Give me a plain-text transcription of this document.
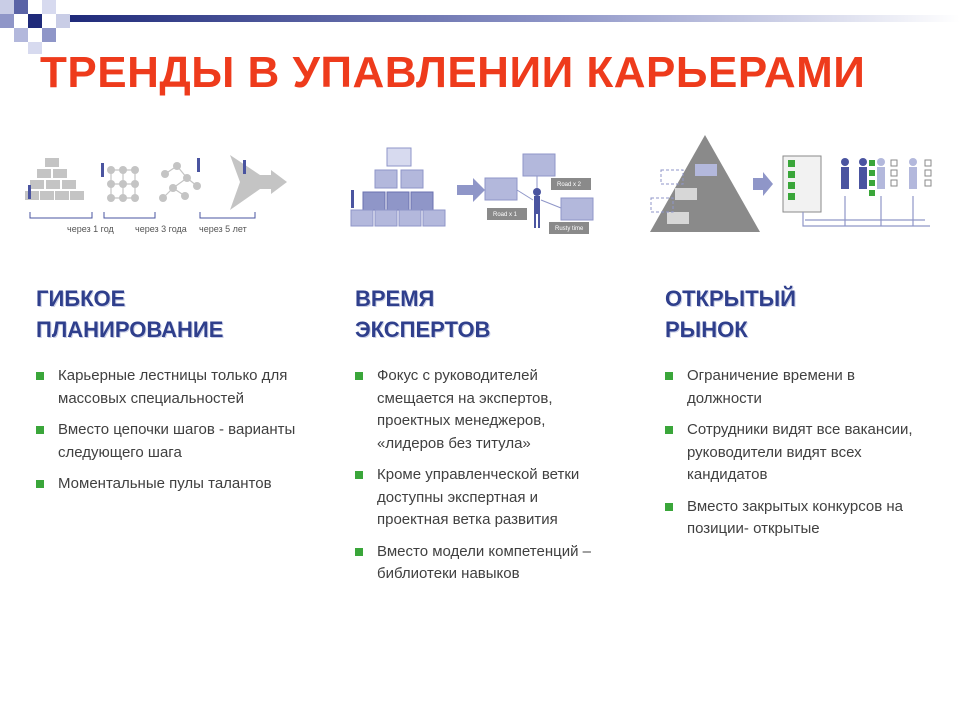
ТРЕНДЫ В УПАВЛЕНИИ КАРЬЕРАМИ
через 1 год через 3 года через 5 лет
Road x 2
Road x 1
Rusty time
ГИБКОЕ
ПЛАНИРОВАНИЕ
Карьерные лестницы только для массовых специальностей
Вместо цепочки шагов - варианты следующего шага
Моментальные пулы талантов
ВРЕМЯ
ЭКСПЕРТОВ
Фокус с руководителей смещается на экспертов, проектных менеджеров, «лидеров без титула»
Кроме управленческой ветки доступны экспертная и проектная ветка развития
Вместо модели компетенций – библиотеки навыков
ОТКРЫТЫЙ
РЫНОК
Ограничение времени в должности
Сотрудники видят все вакансии, руководители видят всех кандидатов
Вместо закрытых конкурсов на позиции- открытые
